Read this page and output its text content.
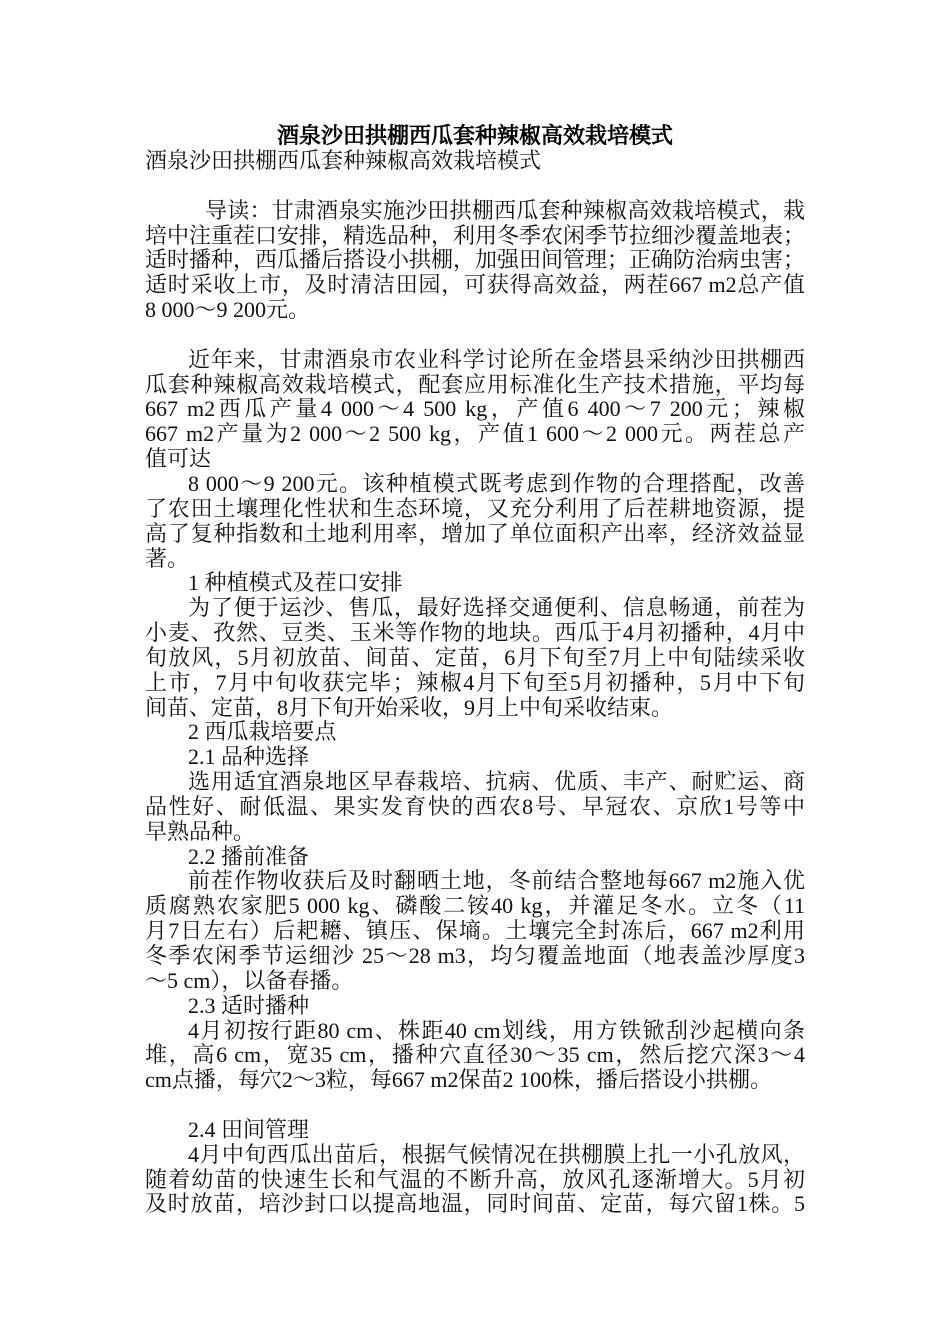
酒泉沙田拱棚西瓜套种辣椒高效栽培模式
酒泉沙田拱棚西瓜套种辣椒高效栽培模式
导读：甘肃酒泉实施沙田拱棚西瓜套种辣椒高效栽培模式，栽
培中注重茬口安排，精选品种，利用冬季农闲季节拉细沙覆盖地表；
适时播种，西瓜播后搭设小拱棚，加强田间管理；正确防治病虫害；
适时采收上市，及时清洁田园，可获得高效益，两茬667 m2总产值
8 000～9 200元。
近年来，甘肃酒泉市农业科学讨论所在金塔县采纳沙田拱棚西
瓜套种辣椒高效栽培模式，配套应用标准化生产技术措施，平均每
667 m2西瓜产量4 000～4 500 kg，产值6 400～7 200元；辣椒
667 m2产量为2 000～2 500 kg，产值1 600～2 000元。两茬总产
值可达
8 000～9 200元。该种植模式既考虑到作物的合理搭配，改善
了农田土壤理化性状和生态环境，又充分利用了后茬耕地资源，提
高了复种指数和土地利用率，增加了单位面积产出率，经济效益显
著。
1 种植模式及茬口安排
为了便于运沙、售瓜，最好选择交通便利、信息畅通，前茬为
小麦、孜然、豆类、玉米等作物的地块。西瓜于4月初播种，4月中
旬放风，5月初放苗、间苗、定苗，6月下旬至7月上中旬陆续采收
上市，7月中旬收获完毕；辣椒4月下旬至5月初播种，5月中下旬
间苗、定苗，8月下旬开始采收，9月上中旬采收结束。
2 西瓜栽培要点
2.1 品种选择
选用适宜酒泉地区早春栽培、抗病、优质、丰产、耐贮运、商
品性好、耐低温、果实发育快的西农8号、早冠农、京欣1号等中
早熟品种。
2.2 播前准备
前茬作物收获后及时翻晒土地，冬前结合整地每667 m2施入优
质腐熟农家肥5 000 kg、磷酸二铵40 kg，并灌足冬水。立冬（11
月7日左右）后耙耱、镇压、保墒。土壤完全封冻后，667 m2利用
冬季农闲季节运细沙 25～28 m3，均匀覆盖地面（地表盖沙厚度3
～5 cm），以备春播。
2.3 适时播种
4月初按行距80 cm、株距40 cm划线，用方铁锨刮沙起横向条
堆，高6 cm，宽35 cm，播种穴直径30～35 cm，然后挖穴深3～4
cm点播，每穴2～3粒，每667 m2保苗2 100株，播后搭设小拱棚。
2.4 田间管理
4月中旬西瓜出苗后，根据气候情况在拱棚膜上扎一小孔放风，
随着幼苗的快速生长和气温的不断升高，放风孔逐渐增大。5月初
及时放苗，培沙封口以提高地温，同时间苗、定苗，每穴留1株。5
